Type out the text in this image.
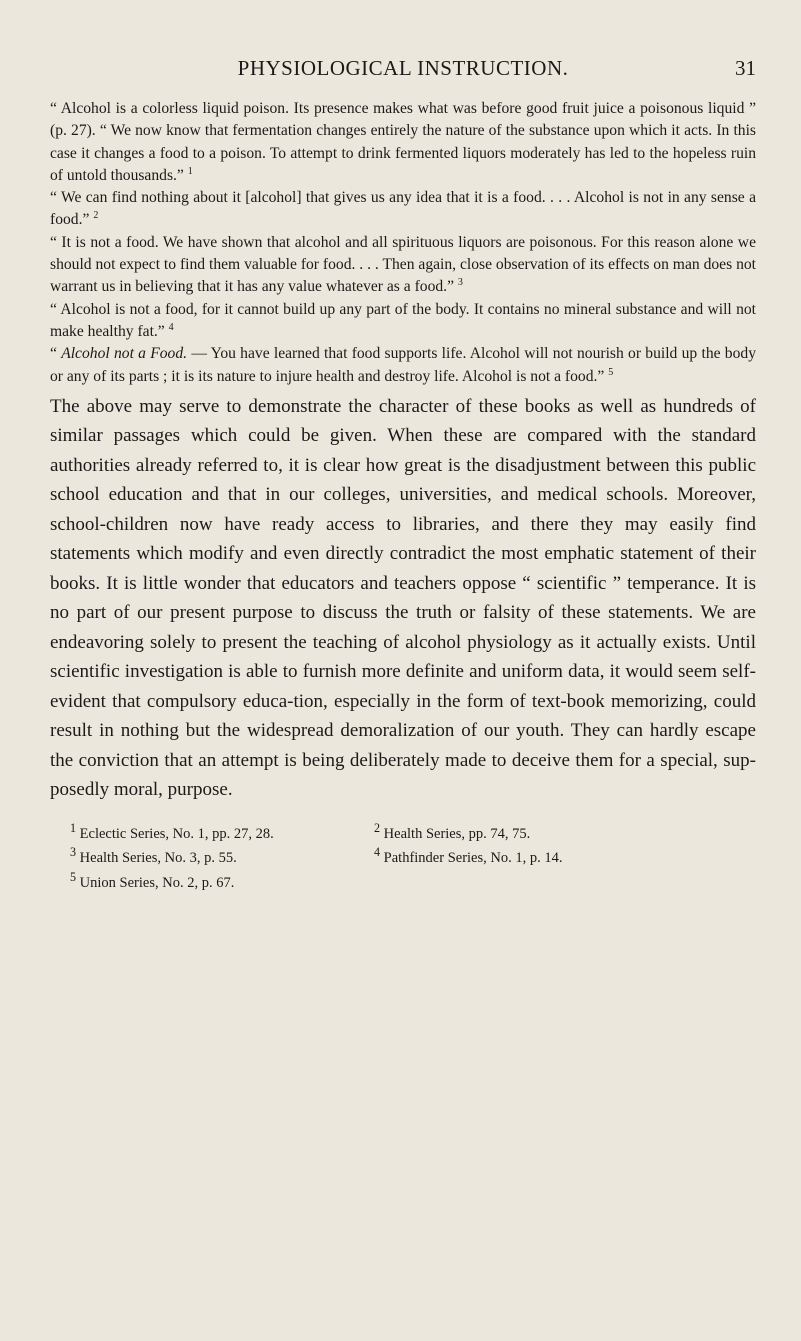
PHYSIOLOGICAL INSTRUCTION.	31

“ Alcohol is a colorless liquid poison. Its presence makes what was before good fruit juice a poisonous liquid ” (p. 27). “ We now know that fermentation changes entirely the nature of the substance upon which it acts. In this case it changes a food to a poison. To attempt to drink fermented liquors moderately has led to the hopeless ruin of untold thousands.” $^1$

“ We can find nothing about it [alcohol] that gives us any idea that it is a food. . . . Alcohol is not in any sense a food.” $^2$

“ It is not a food. We have shown that alcohol and all spirituous liquors are poisonous. For this reason alone we should not expect to find them valuable for food. . . . Then again, close observation of its effects on man does not warrant us in believing that it has any value whatever as a food.” $^3$

“ Alcohol is not a food, for it cannot build up any part of the body. It contains no mineral substance and will not make healthy fat.” $^4$

“ Alcohol not a Food. — You have learned that food supports life. Alcohol will not nourish or build up the body or any of its parts ; it is its nature to injure health and destroy life. Alcohol is not a food.” $^5$

The above may serve to demonstrate the character of these books as well as hundreds of similar passages which could be given. When these are compared with the standard authorities already referred to, it is clear how great is the disadjustment between this public school education and that in our colleges, universities, and medical schools. Moreover, school-children now have ready access to libraries, and there they may easily find statements which modify and even directly contradict the most emphatic statement of their books. It is little wonder that educators and teachers oppose “ scientific ” temperance. It is no part of our present purpose to discuss the truth or falsity of these statements. We are endeavoring solely to present the teaching of alcohol physiology as it actually exists. Until scientific investigation is able to furnish more definite and uniform data, it would seem self-evident that compulsory educa-tion, especially in the form of text-book memorizing, could result in nothing but the widespread demoralization of our youth. They can hardly escape the conviction that an attempt is being deliberately made to deceive them for a special, sup-posedly moral, purpose.

$^1$ Eclectic Series, No. 1, pp. 27, 28.	$^2$ Health Series, pp. 74, 75.
$^3$ Health Series, No. 3, p. 55.	$^4$ Pathfinder Series, No. 1, p. 14.
$^5$ Union Series, No. 2, p. 67.
